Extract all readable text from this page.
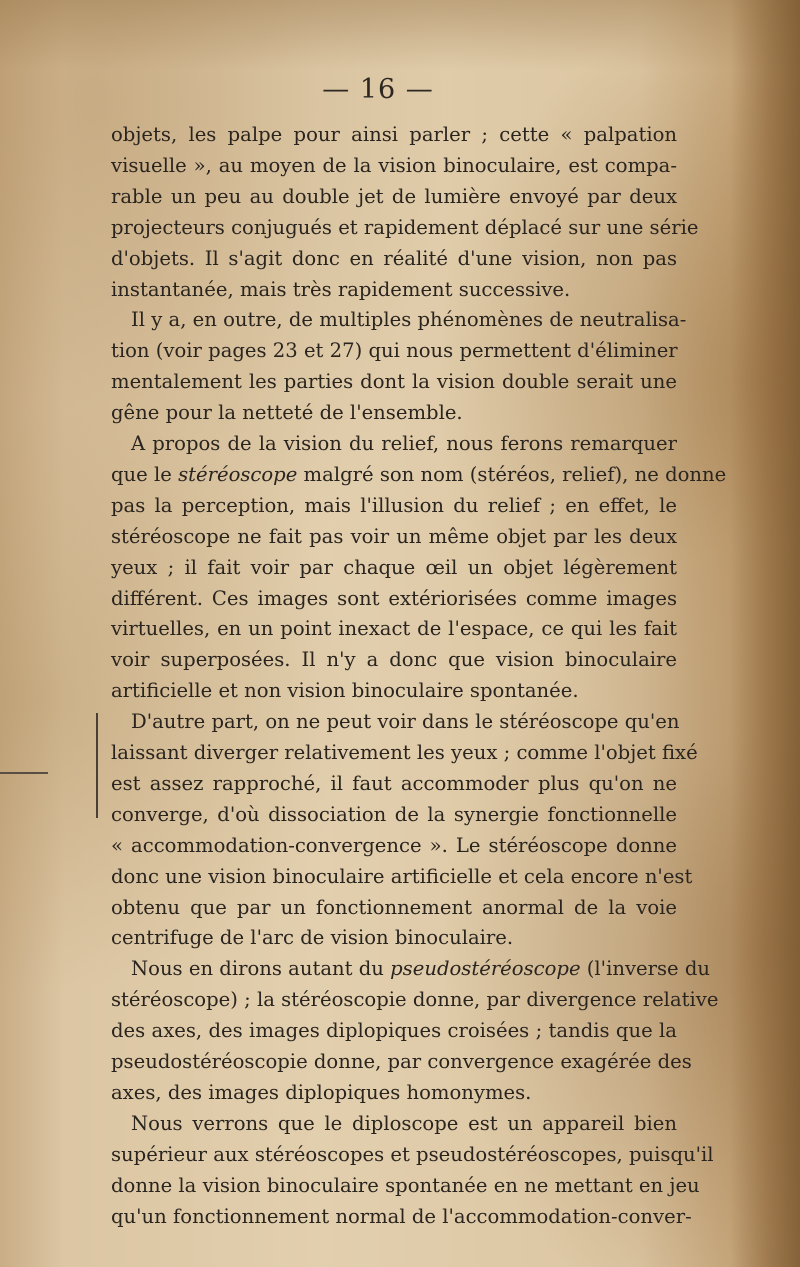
— 16 —
objets, les palpe pour ainsi parler ; cette « palpation
visuelle », au moyen de la vision binoculaire, est compa-
rable un peu au double jet de lumière envoyé par deux
projecteurs conjugués et rapidement déplacé sur une série
d'objets. Il s'agit donc en réalité d'une vision, non pas
instantanée, mais très rapidement successive.
Il y a, en outre, de multiples phénomènes de neutralisa-
tion (voir pages 23 et 27) qui nous permettent d'éliminer
mentalement les parties dont la vision double serait une
gêne pour la netteté de l'ensemble.
A propos de la vision du relief, nous ferons remarquer
que le stéréoscope malgré son nom (stéréos, relief), ne donne
pas la perception, mais l'illusion du relief ; en effet, le
stéréoscope ne fait pas voir un même objet par les deux
yeux ; il fait voir par chaque œil un objet légèrement
différent. Ces images sont extériorisées comme images
virtuelles, en un point inexact de l'espace, ce qui les fait
voir superposées. Il n'y a donc que vision binoculaire
artificielle et non vision binoculaire spontanée.
D'autre part, on ne peut voir dans le stéréoscope qu'en
laissant diverger relativement les yeux ; comme l'objet fixé
est assez rapproché, il faut accommoder plus qu'on ne
converge, d'où dissociation de la synergie fonctionnelle
« accommodation-convergence ». Le stéréoscope donne
donc une vision binoculaire artificielle et cela encore n'est
obtenu que par un fonctionnement anormal de la voie
centrifuge de l'arc de vision binoculaire.
Nous en dirons autant du pseudostéréoscope (l'inverse du
stéréoscope) ; la stéréoscopie donne, par divergence relative
des axes, des images diplopiques croisées ; tandis que la
pseudostéréoscopie donne, par convergence exagérée des
axes, des images diplopiques homonymes.
Nous verrons que le diploscope est un appareil bien
supérieur aux stéréoscopes et pseudostéréoscopes, puisqu'il
donne la vision binoculaire spontanée en ne mettant en jeu
qu'un fonctionnement normal de l'accommodation-conver-
